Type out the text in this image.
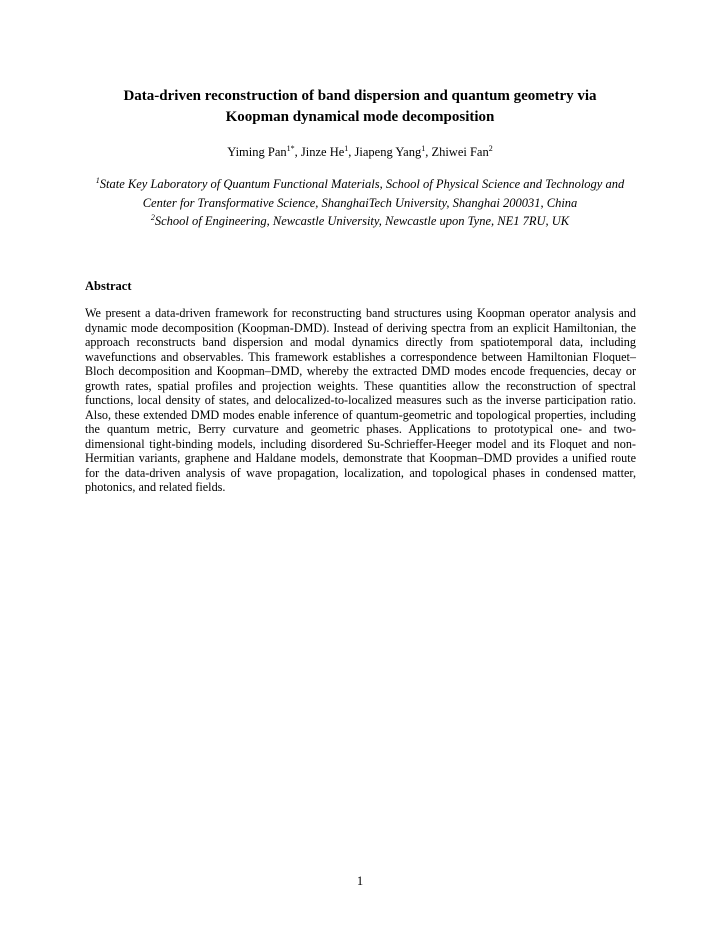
Data-driven reconstruction of band dispersion and quantum geometry via
Koopman dynamical mode decomposition
Yiming Pan$^{1*}$, Jinze He$^1$, Jiapeng Yang$^1$, Zhiwei Fan$^2$

$^1$State Key Laboratory of Quantum Functional Materials, School of Physical Science and Technology and Center for Transformative Science, ShanghaiTech University, Shanghai 200031, China

$^2$School of Engineering, Newcastle University, Newcastle upon Tyne, NE1 7RU, UK

Abstract

We present a data-driven framework for reconstructing band structures using Koopman operator analysis and dynamic mode decomposition (Koopman-DMD). Instead of deriving spectra from an explicit Hamiltonian, the approach reconstructs band dispersion and modal dynamics directly from spatiotemporal data, including wavefunctions and observables. This framework establishes a correspondence between Hamiltonian Floquet–Bloch decomposition and Koopman–DMD, whereby the extracted DMD modes encode frequencies, decay or growth rates, spatial profiles and projection weights. These quantities allow the reconstruction of spectral functions, local density of states, and delocalized-to-localized measures such as the inverse participation ratio. Also, these extended DMD modes enable inference of quantum-geometric and topological properties, including the quantum metric, Berry curvature and geometric phases. Applications to prototypical one- and two-dimensional tight-binding models, including disordered Su-Schrieffer-Heeger model and its Floquet and non-Hermitian variants, graphene and Haldane models, demonstrate that Koopman–DMD provides a unified route for the data-driven analysis of wave propagation, localization, and topological phases in condensed matter, photonics, and related fields.

1
